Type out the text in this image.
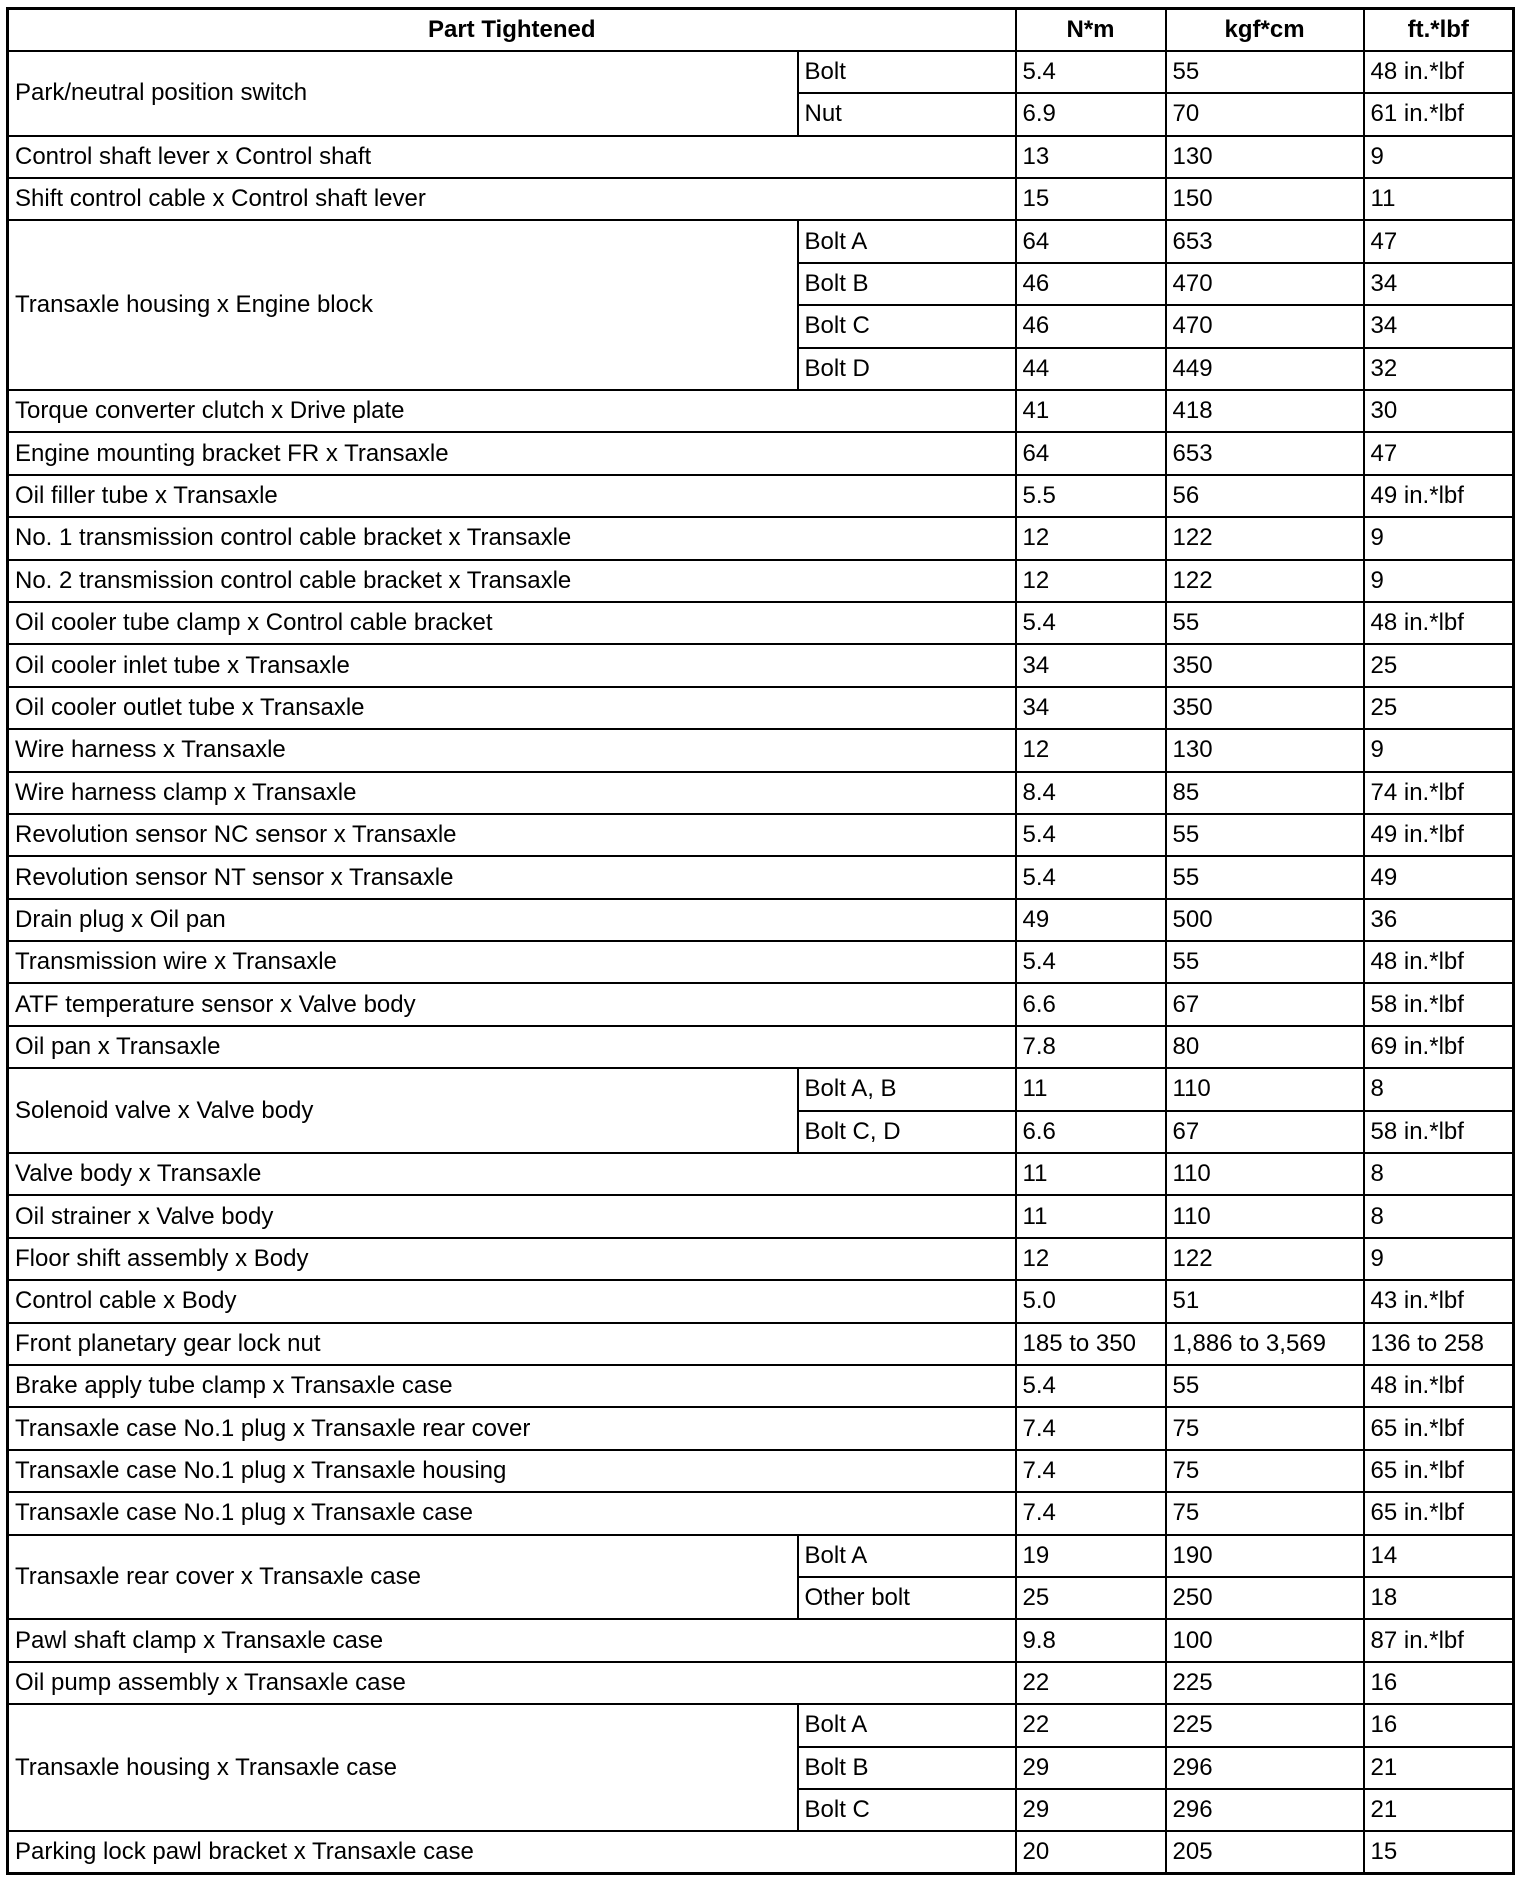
Part Tightened		N*m	kgf*cm	ft.*lbf
Park/neutral position switch	Bolt	5.4	55	48 in.*lbf
	Nut	6.9	70	61 in.*lbf
Control shaft lever x Control shaft		13	130	9
Shift control cable x Control shaft lever		15	150	11
Transaxle housing x Engine block	Bolt A	64	653	47
	Bolt B	46	470	34
	Bolt C	46	470	34
	Bolt D	44	449	32
Torque converter clutch x Drive plate		41	418	30
Engine mounting bracket FR x Transaxle		64	653	47
Oil filler tube x Transaxle		5.5	56	49 in.*lbf
No. 1 transmission control cable bracket x Transaxle		12	122	9
No. 2 transmission control cable bracket x Transaxle		12	122	9
Oil cooler tube clamp x Control cable bracket		5.4	55	48 in.*lbf
Oil cooler inlet tube x Transaxle		34	350	25
Oil cooler outlet tube x Transaxle		34	350	25
Wire harness x Transaxle		12	130	9
Wire harness clamp x Transaxle		8.4	85	74 in.*lbf
Revolution sensor NC sensor x Transaxle		5.4	55	49 in.*lbf
Revolution sensor NT sensor x Transaxle		5.4	55	49
Drain plug x Oil pan		49	500	36
Transmission wire x Transaxle		5.4	55	48 in.*lbf
ATF temperature sensor x Valve body		6.6	67	58 in.*lbf
Oil pan x Transaxle		7.8	80	69 in.*lbf
Solenoid valve x Valve body	Bolt A, B	11	110	8
	Bolt C, D	6.6	67	58 in.*lbf
Valve body x Transaxle		11	110	8
Oil strainer x Valve body		11	110	8
Floor shift assembly x Body		12	122	9
Control cable x Body		5.0	51	43 in.*lbf
Front planetary gear lock nut		185 to 350	1,886 to 3,569	136 to 258
Brake apply tube clamp x Transaxle case		5.4	55	48 in.*lbf
Transaxle case No.1 plug x Transaxle rear cover		7.4	75	65 in.*lbf
Transaxle case No.1 plug x Transaxle housing		7.4	75	65 in.*lbf
Transaxle case No.1 plug x Transaxle case		7.4	75	65 in.*lbf
Transaxle rear cover x Transaxle case	Bolt A	19	190	14
	Other bolt	25	250	18
Pawl shaft clamp x Transaxle case		9.8	100	87 in.*lbf
Oil pump assembly x Transaxle case		22	225	16
Transaxle housing x Transaxle case	Bolt A	22	225	16
	Bolt B	29	296	21
	Bolt C	29	296	21
Parking lock pawl bracket x Transaxle case		20	205	15
